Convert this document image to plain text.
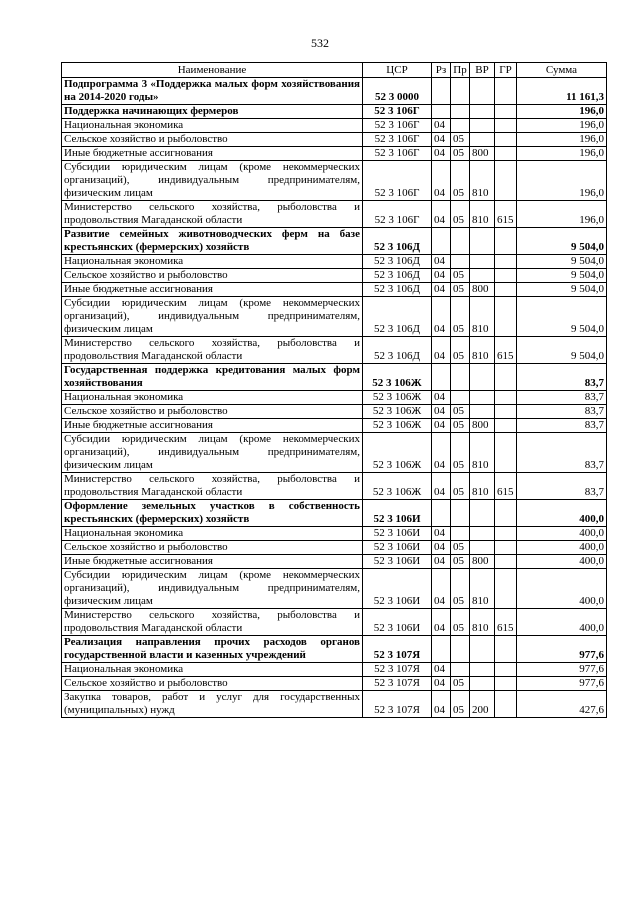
532
Наименование	ЦСР	Рз	Пр	ВР	ГР	Сумма
Подпрограмма 3 «Поддержка малых форм хозяйствования на 2014-2020 годы»	52 3 0000					11 161,3
Поддержка начинающих фермеров	52 3 106Г					196,0
Национальная экономика	52 3 106Г	04				196,0
Сельское хозяйство и рыболовство	52 3 106Г	04	05			196,0
Иные бюджетные ассигнования	52 3 106Г	04	05	800		196,0
Субсидии юридическим лицам (кроме некоммерческих организаций), индивидуальным предпринимателям, физическим лицам	52 3 106Г	04	05	810		196,0
Министерство сельского хозяйства, рыболовства и продовольствия Магаданской области	52 3 106Г	04	05	810	615	196,0
Развитие семейных животноводческих ферм на базе крестьянских (фермерских) хозяйств	52 3 106Д					9 504,0
Национальная экономика	52 3 106Д	04				9 504,0
Сельское хозяйство и рыболовство	52 3 106Д	04	05			9 504,0
Иные бюджетные ассигнования	52 3 106Д	04	05	800		9 504,0
Субсидии юридическим лицам (кроме некоммерческих организаций), индивидуальным предпринимателям, физическим лицам	52 3 106Д	04	05	810		9 504,0
Министерство сельского хозяйства, рыболовства и продовольствия Магаданской области	52 3 106Д	04	05	810	615	9 504,0
Государственная поддержка кредитования малых форм хозяйствования	52 3 106Ж					83,7
Национальная экономика	52 3 106Ж	04				83,7
Сельское хозяйство и рыболовство	52 3 106Ж	04	05			83,7
Иные бюджетные ассигнования	52 3 106Ж	04	05	800		83,7
Субсидии юридическим лицам (кроме некоммерческих организаций), индивидуальным предпринимателям, физическим лицам	52 3 106Ж	04	05	810		83,7
Министерство сельского хозяйства, рыболовства и продовольствия Магаданской области	52 3 106Ж	04	05	810	615	83,7
Оформление земельных участков в собственность крестьянских (фермерских) хозяйств	52 3 106И					400,0
Национальная экономика	52 3 106И	04				400,0
Сельское хозяйство и рыболовство	52 3 106И	04	05			400,0
Иные бюджетные ассигнования	52 3 106И	04	05	800		400,0
Субсидии юридическим лицам (кроме некоммерческих организаций), индивидуальным предпринимателям, физическим лицам	52 3 106И	04	05	810		400,0
Министерство сельского хозяйства, рыболовства и продовольствия Магаданской области	52 3 106И	04	05	810	615	400,0
Реализация направления прочих расходов органов государственной власти и казенных учреждений	52 3 107Я					977,6
Национальная экономика	52 3 107Я	04				977,6
Сельское хозяйство и рыболовство	52 3 107Я	04	05			977,6
Закупка товаров, работ и услуг для государственных (муниципальных) нужд	52 3 107Я	04	05	200		427,6
